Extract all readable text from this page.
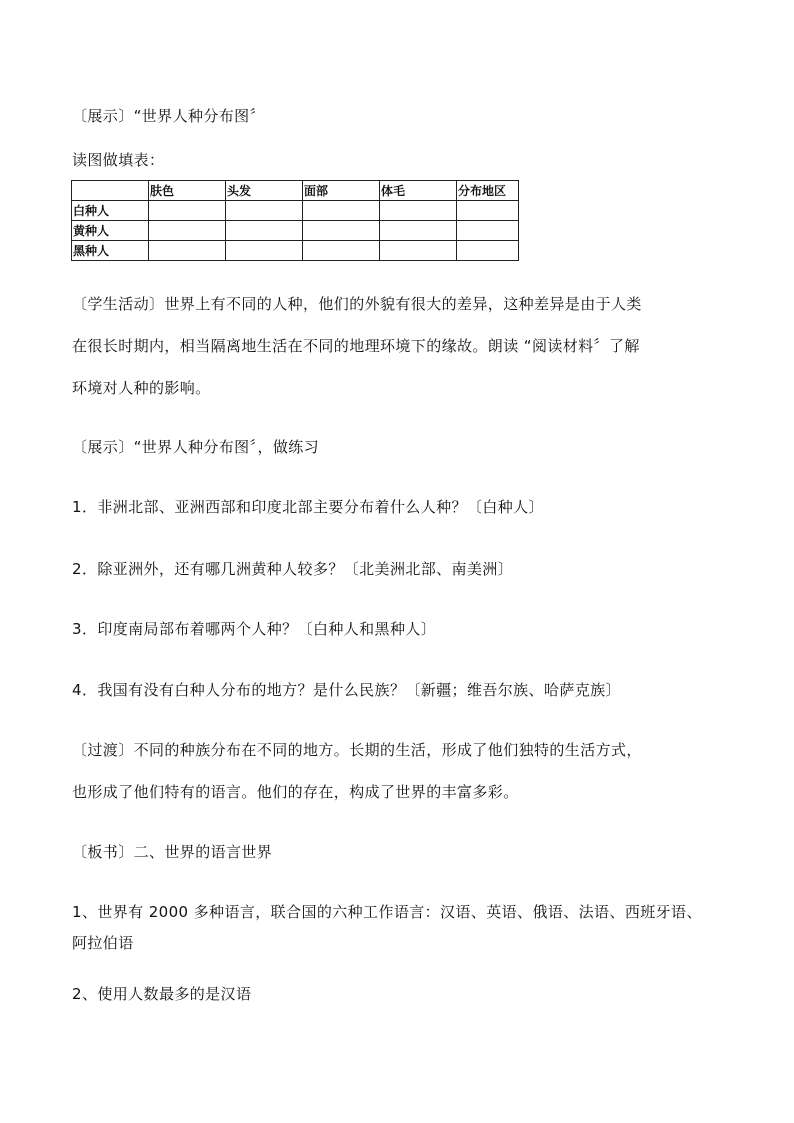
〔展示〕“世界人种分布图〞

读图做填表：

	肤色	头发	面部	体毛	分布地区
白种人					
黄种人					
黑种人					

〔学生活动〕世界上有不同的人种，他们的外貌有很大的差异，这种差异是由于人类

在很长时期内，相当隔离地生活在不同的地理环境下的缘故。朗读 “阅读材料〞了解

环境对人种的影响。

〔展示〕“世界人种分布图〞，做练习

1．非洲北部、亚洲西部和印度北部主要分布着什么人种？〔白种人〕

2．除亚洲外，还有哪几洲黄种人较多？〔北美洲北部、南美洲〕

3．印度南局部布着哪两个人种？〔白种人和黑种人〕

4．我国有没有白种人分布的地方？是什么民族？〔新疆；维吾尔族、哈萨克族〕

〔过渡〕不同的种族分布在不同的地方。长期的生活，形成了他们独特的生活方式，

也形成了他们特有的语言。他们的存在，构成了世界的丰富多彩。

〔板书〕二、世界的语言世界

1、世界有 2000 多种语言，联合国的六种工作语言：汉语、英语、俄语、法语、西班牙语、

阿拉伯语

2、使用人数最多的是汉语
